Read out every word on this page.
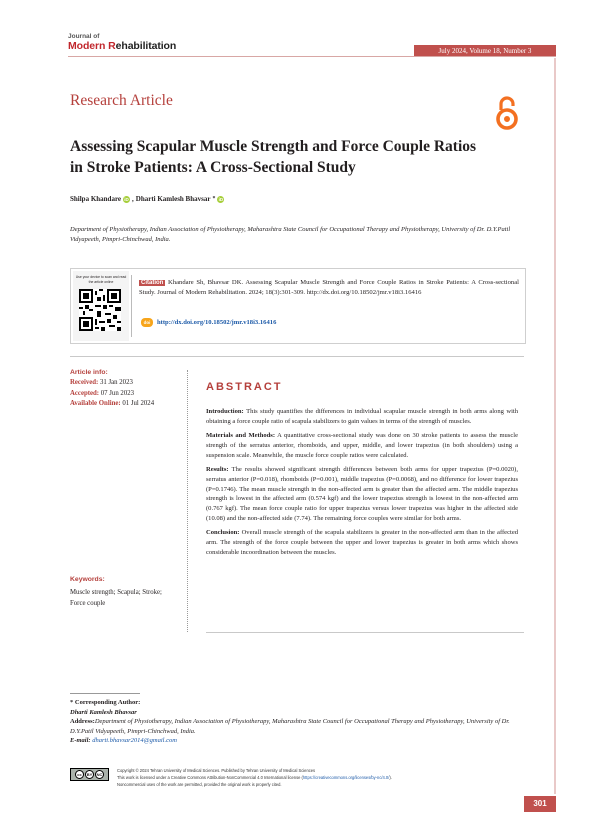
Journal of
Modern Rehabilitation	July 2024, Volume 18, Number 3
Research Article
Assessing Scapular Muscle Strength and Force Couple Ratios in Stroke Patients: A Cross-Sectional Study
Shilpa Khandare iD , Dharti Kamlesh Bhavsar * iD
Department of Physiotherapy, Indian Association of Physiotherapy, Maharashtra State Council for Occupational Therapy and Physiotherapy, University of Dr. D.Y.Patil Vidyapeeth, Pimpri-Chinchwad, India.
Use your device to scan and read the article online	Citation Khandare Sh, Bhavsar DK. Assessing Scapular Muscle Strength and Force Couple Ratios in Stroke Patients: A Cross-sectional Study. Journal of Modern Rehabilitation. 2024; 18(3):301-309. http://dx.doi.org/10.18502/jmr.v18i3.16416
doi	http://dx.doi.org/10.18502/jmr.v18i3.16416
Article info:
Received: 31 Jan 2023
Accepted: 07 Jun 2023
Available Online: 01 Jul 2024
Keywords:
Muscle strength; Scapula; Stroke; Force couple
ABSTRACT

Introduction: This study quantifies the differences in individual scapular muscle strength in both arms along with obtaining a force couple ratio of scapula stabilizers to gain values in terms of the strength of muscles.

Materials and Methods: A quantitative cross-sectional study was done on 30 stroke patients to assess the muscle strength of the serratus anterior, rhomboids, and upper, middle, and lower trapezius (in both shoulders) using a suspension scale. Meanwhile, the muscle force couple ratios were calculated.

Results: The results showed significant strength differences between both arms for upper trapezius (P=0.0020), serratus anterior (P=0.018), rhomboids (P=0.001), middle trapezius (P=0.0068), and no difference for lower trapezius (P=0.1746). The mean muscle strength in the non-affected arm is greater than the affected arm. The middle trapezius strength is lowest in the affected arm (0.574 kgf) and the lower trapezius strength is lowest in the non-affected arm (0.767 kgf). The mean force couple ratio for upper trapezius versus lower trapezius was higher in the affected side (10.08) and the non-affected side (7.74). The remaining force couples were similar for both arms.

Conclusion: Overall muscle strength of the scapula stabilizers is greater in the non-affected arm than in the affected arm. The strength of the force couple between the upper and lower trapezius is greater in both arms which shows considerable incoordination between the muscles.

* Corresponding Author:
Dharti Kamlesh Bhavsar
Address:Department of Physiotherapy, Indian Association of Physiotherapy, Maharashtra State Council for Occupational Therapy and Physiotherapy, University of Dr. D.Y.Patil Vidyapeeth, Pimpri-Chinchwad, India.
E-mail: dharti.bhavsar2014@gmail.com
cc	BY	NC
Copyright © 2024 Tehran University of Medical Sciences. Published by Tehran University of Medical Sciences
This work is licensed under a Creative Commons Attribution-NonCommercial 4.0 International license (https://creativecommons.org/licenses/by-nc/4.0/).
Noncommercial uses of the work are permitted, provided the original work is properly cited.
301
